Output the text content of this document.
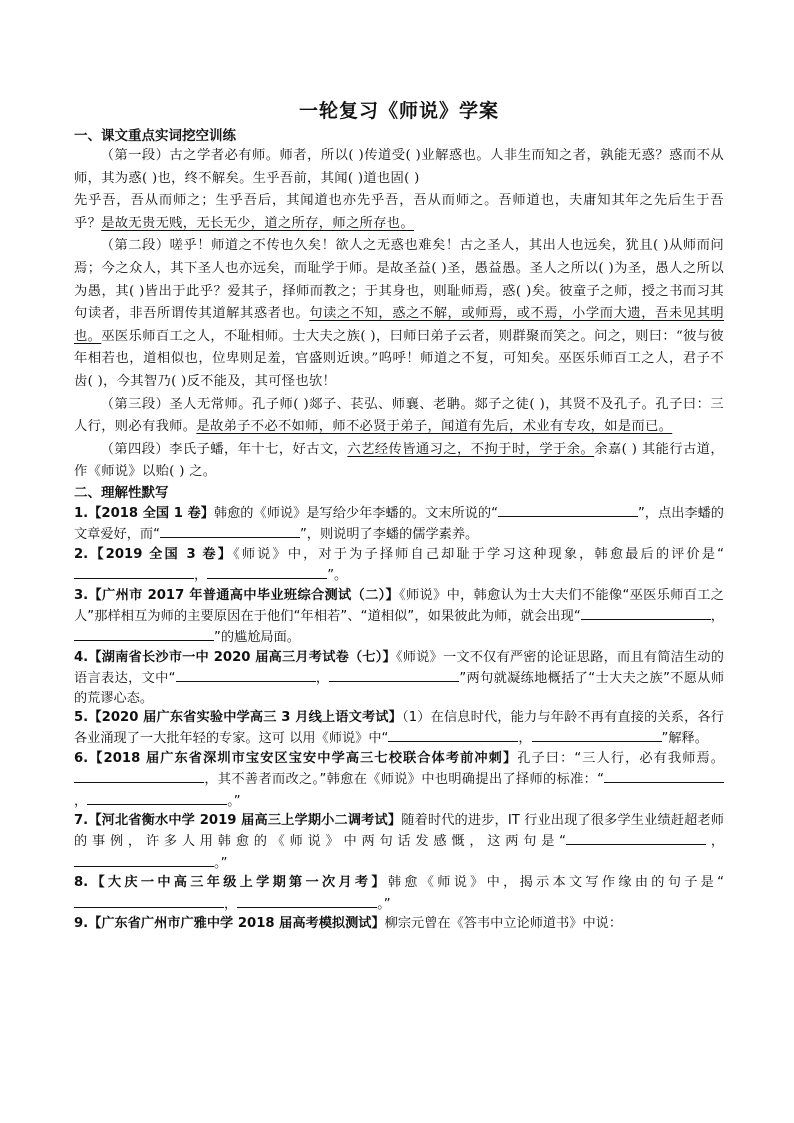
一轮复习《师说》学案
一、课文重点实词挖空训练

（第一段）古之学者必有师。师者，所以( )传道受( )业解惑也。人非生而知之者，孰能无惑？惑而不从师，其为惑( )也，终不解矣。生乎吾前，其闻( )道也固( )
先乎吾，吾从而师之；生乎吾后，其闻道也亦先乎吾，吾从而师之。吾师道也，夫庸知其年之先后生于吾乎？是故无贵无贱，无长无少，道之所存，师之所存也。

（第二段）嗟乎！师道之不传也久矣！欲人之无惑也难矣！古之圣人，其出人也远矣，犹且( )从师而问焉；今之众人，其下圣人也亦远矣，而耻学于师。是故圣益( )圣，愚益愚。圣人之所以( )为圣，愚人之所以为愚，其( )皆出于此乎？爱其子，择师而教之；于其身也，则耻师焉，惑( )矣。彼童子之师，授之书而习其句读者，非吾所谓传其道解其惑者也。句读之不知，惑之不解，或师焉，或不焉，小学而大遗，吾未见其明也。巫医乐师百工之人，不耻相师。士大夫之族( )，曰师曰弟子云者，则群聚而笑之。问之，则曰：“彼与彼年相若也，道相似也，位卑则足羞，官盛则近谀。”呜呼！师道之不复，可知矣。巫医乐师百工之人，君子不齿( )，今其智乃( )反不能及，其可怪也欤！

（第三段）圣人无常师。孔子师( )郯子、苌弘、师襄、老聃。郯子之徒( )，其贤不及孔子。孔子曰：三人行，则必有我师。是故弟子不必不如师，师不必贤于弟子，闻道有先后，术业有专攻，如是而已。

（第四段）李氏子蟠，年十七，好古文，六艺经传皆通习之，不拘于时，学于余。余嘉( ) 其能行古道，作《师说》以贻( ) 之。

二、理解性默写

1.【2018 全国 1 卷】韩愈的《师说》是写给少年李蟠的。文末所说的“	”，点出李蟠的文章爱好，而“	”，则说明了李蟠的儒学素养。

2.【2019 全国 3 卷】《师说》中，对于为子择师自己却耻于学习这种现象，韩愈最后的评价是“，	”。

3.【广州市 2017 年普通高中毕业班综合测试（二）】《师说》中，韩愈认为士大夫们不能像“巫医乐师百工之人”那样相互为师的主要原因在于他们“年相若”、“道相似”，如果彼此为师，就会出现“	，”的尴尬局面。

4.【湖南省长沙市一中 2020 届高三月考试卷（七）】《师说》一文不仅有严密的论证思路，而且有简洁生动的语言表达，文中“	，	”两句就凝练地概括了“士大夫之族”不愿从师的荒谬心态。

5.【2020 届广东省实验中学高三 3 月线上语文考试】（1）在信息时代，能力与年龄不再有直接的关系，各行各业涌现了一大批年轻的专家。这可 以用《师说》中“	，	”解释。

6.【2018 届广东省深圳市宝安区宝安中学高三七校联合体考前冲刺】孔子曰：“三人行，必有我师焉。，其不善者而改之。”韩愈在《师说》中也明确提出了择师的标准：“，	。”

7.【河北省衡水中学 2019 届高三上学期小二调考试】随着时代的进步，IT 行业出现了很多学生业绩赶超老师的事例，许多人用韩愈的《师说》中两句话发感慨，这两句是“	，。”

8.【大庆一中高三年级上学期第一次月考】韩愈《师说》中，揭示本文写作缘由的句子是“，	。”

9.【广东省广州市广雅中学 2018 届高考模拟测试】柳宗元曾在《答韦中立论师道书》中说：
